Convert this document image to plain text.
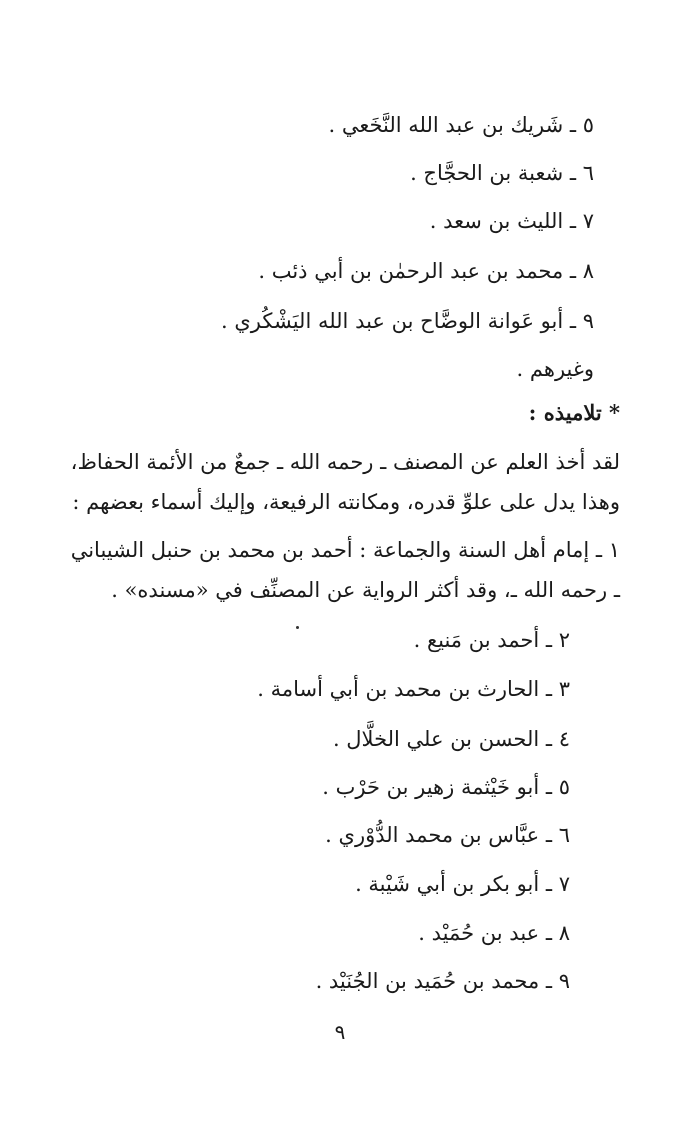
٥ ـ شَريك بن عبد الله النَّخَعي .
٦ ـ شعبة بن الحجَّاج .
٧ ـ الليث بن سعد .
٨ ـ محمد بن عبد الرحمٰن بن أبي ذئب .
٩ ـ أبو عَوانة الوضَّاح بن عبد الله اليَشْكُري .
وغيرهم .
* تلاميذه :
لقد أخذ العلم عن المصنف ـ رحمه الله ـ جمعٌ من الأئمة الحفاظ،
وهذا يدل على علوِّ قدره، ومكانته الرفيعة، وإليك أسماء بعضهم :
١ ـ إمام أهل السنة والجماعة : أحمد بن محمد بن حنبل الشيباني
ـ رحمه الله ـ، وقد أكثر الرواية عن المصنِّف في «مسنده» .
٢ ـ أحمد بن مَنيع .
٣ ـ الحارث بن محمد بن أبي أسامة .
٤ ـ الحسن بن علي الخلَّال .
٥ ـ أبو خَيْثمة زهير بن حَرْب .
٦ ـ عبَّاس بن محمد الدُّوْري .
٧ ـ أبو بكر بن أبي شَيْبة .
٨ ـ عبد بن حُمَيْد .
٩ ـ محمد بن حُمَيد بن الجُنَيْد .
٩
